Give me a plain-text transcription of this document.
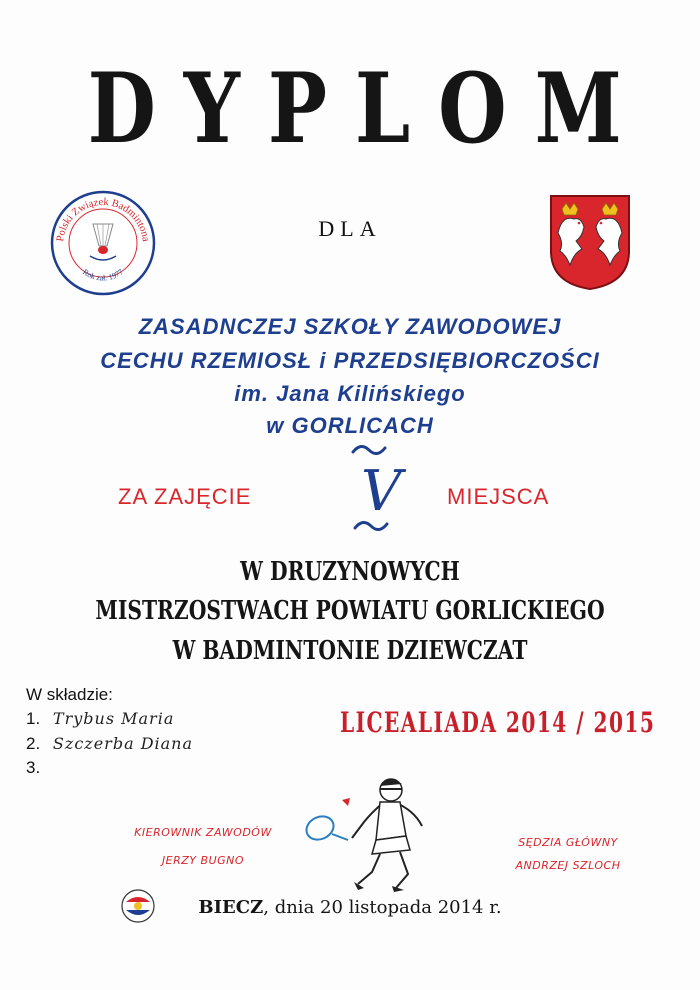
DYPLOM
Polski Związek Badmintona
Rok zał. 1977
DLA
ZASADNCZEJ SZKOŁY ZAWODOWEJ
CECHU RZEMIOSŁ i PRZEDSIĘBIORCZOŚCI
im. Jana Kilińskiego
w GORLICACH
ZA ZAJĘCIE V MIEJSCA
W DRUZYNOWYCH
MISTRZOSTWACH POWIATU GORLICKIEGO
W BADMINTONIE DZIEWCZAT
W składzie:
1. Trybus Maria
2. Szczerba Diana
3.
LICEALIADA 2014 / 2015
KIEROWNIK ZAWODÓW
JERZY BUGNO
SĘDZIA GŁÓWNY
ANDRZEJ SZLOCH
BIECZ, dnia 20 listopada 2014 r.
